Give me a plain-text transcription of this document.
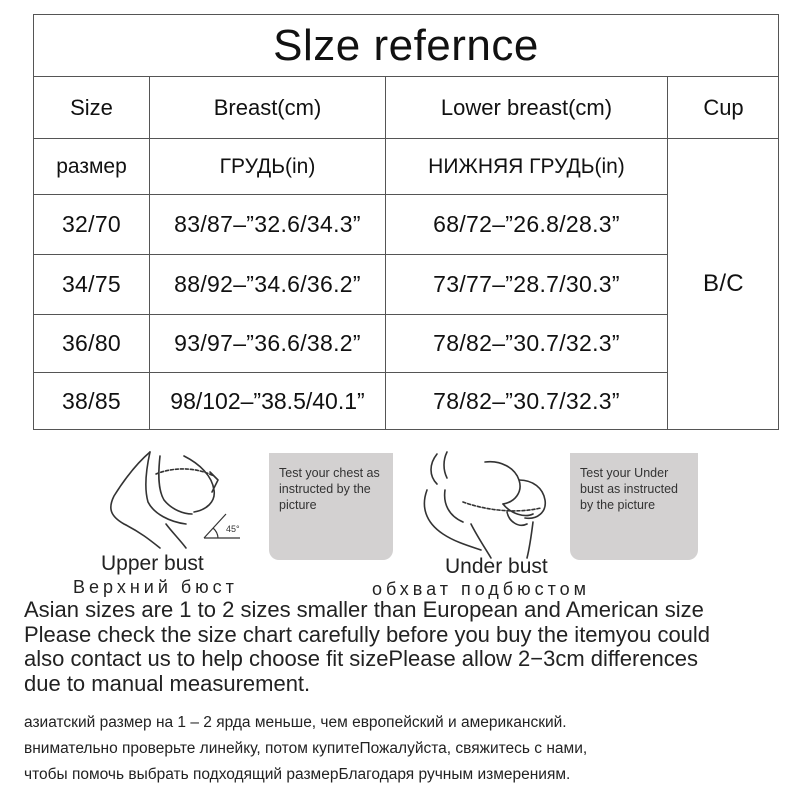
Slze refernce
Size	Breast(cm)	Lower breast(cm)	Cup
размер	ГРУДЬ(in)	НИЖНЯЯ ГРУДЬ(in)
32/70	83/87–”32.6/34.3”	68/72–”26.8/28.3”
34/75	88/92–”34.6/36.2”	73/77–”28.7/30.3”
36/80	93/97–”36.6/38.2”	78/82–”30.7/32.3”
38/85	98/102–”38.5/40.1”	78/82–”30.7/32.3”
B/C
45°
Test your chest as instructed by the picture
Upper bust
Верхний бюст
Test your Under bust as instructed by the picture
Under bust
обхват подбюстом
Asian sizes are 1 to 2 sizes smaller than European and American size
Please check the size chart carefully before you buy the itemyou could
also contact us to help choose fit sizePlease allow 2−3cm differences
due to manual measurement.
азиатский размер на 1 – 2 ярда меньше, чем европейский и американский.
внимательно проверьте линейку, потом купитеПожалуйста, свяжитесь с нами,
чтобы помочь выбрать подходящий размерБлагодаря ручным измерениям.
